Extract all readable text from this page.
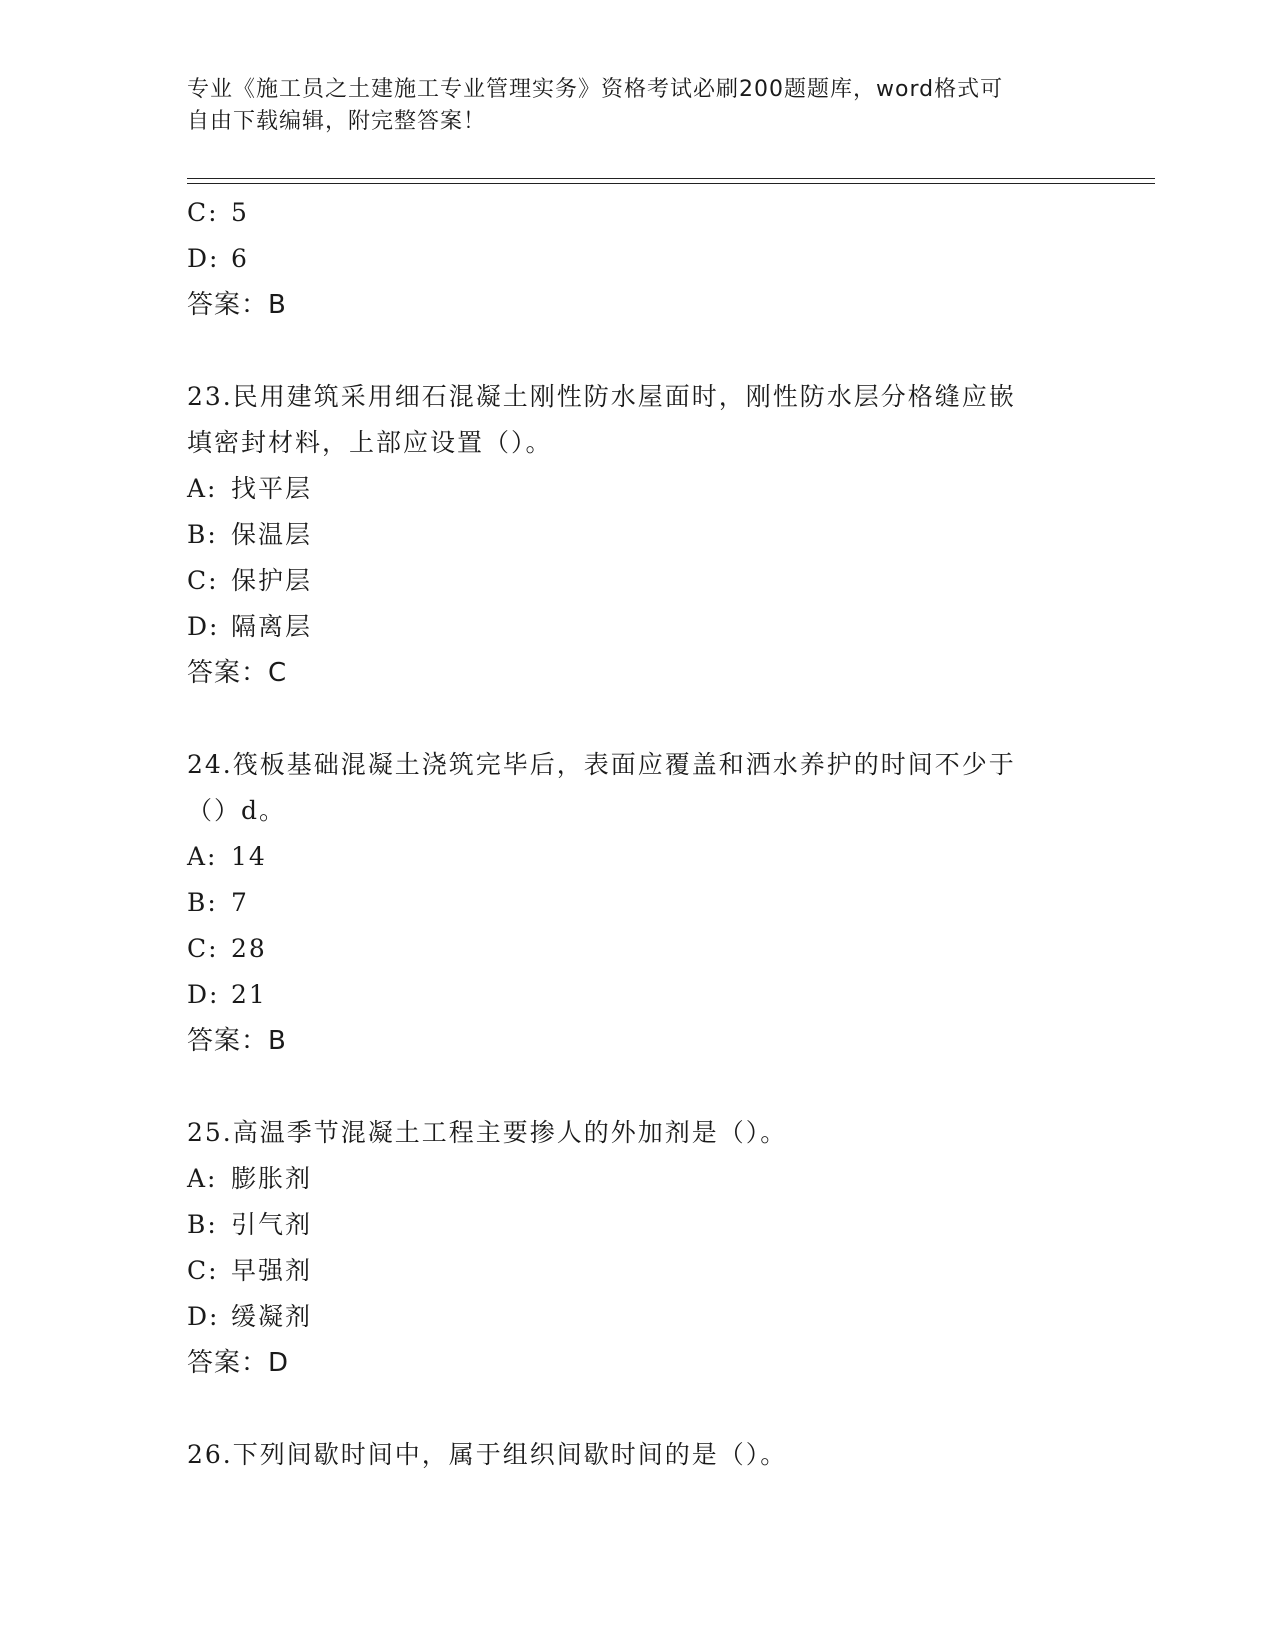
专业《施工员之土建施工专业管理实务》资格考试必刷200题题库，word格式可
自由下载编辑，附完整答案！
C: 5
D: 6
答案：B
23.民用建筑采用细石混凝土刚性防水屋面时，刚性防水层分格缝应嵌
填密封材料，上部应设置（）。
A: 找平层
B: 保温层
C: 保护层
D: 隔离层
答案：C
24.筏板基础混凝土浇筑完毕后，表面应覆盖和洒水养护的时间不少于
（）d。
A: 14
B: 7
C: 28
D: 21
答案：B
25.高温季节混凝土工程主要掺人的外加剂是（）。
A: 膨胀剂
B: 引气剂
C: 早强剂
D: 缓凝剂
答案：D
26.下列间歇时间中，属于组织间歇时间的是（）。
